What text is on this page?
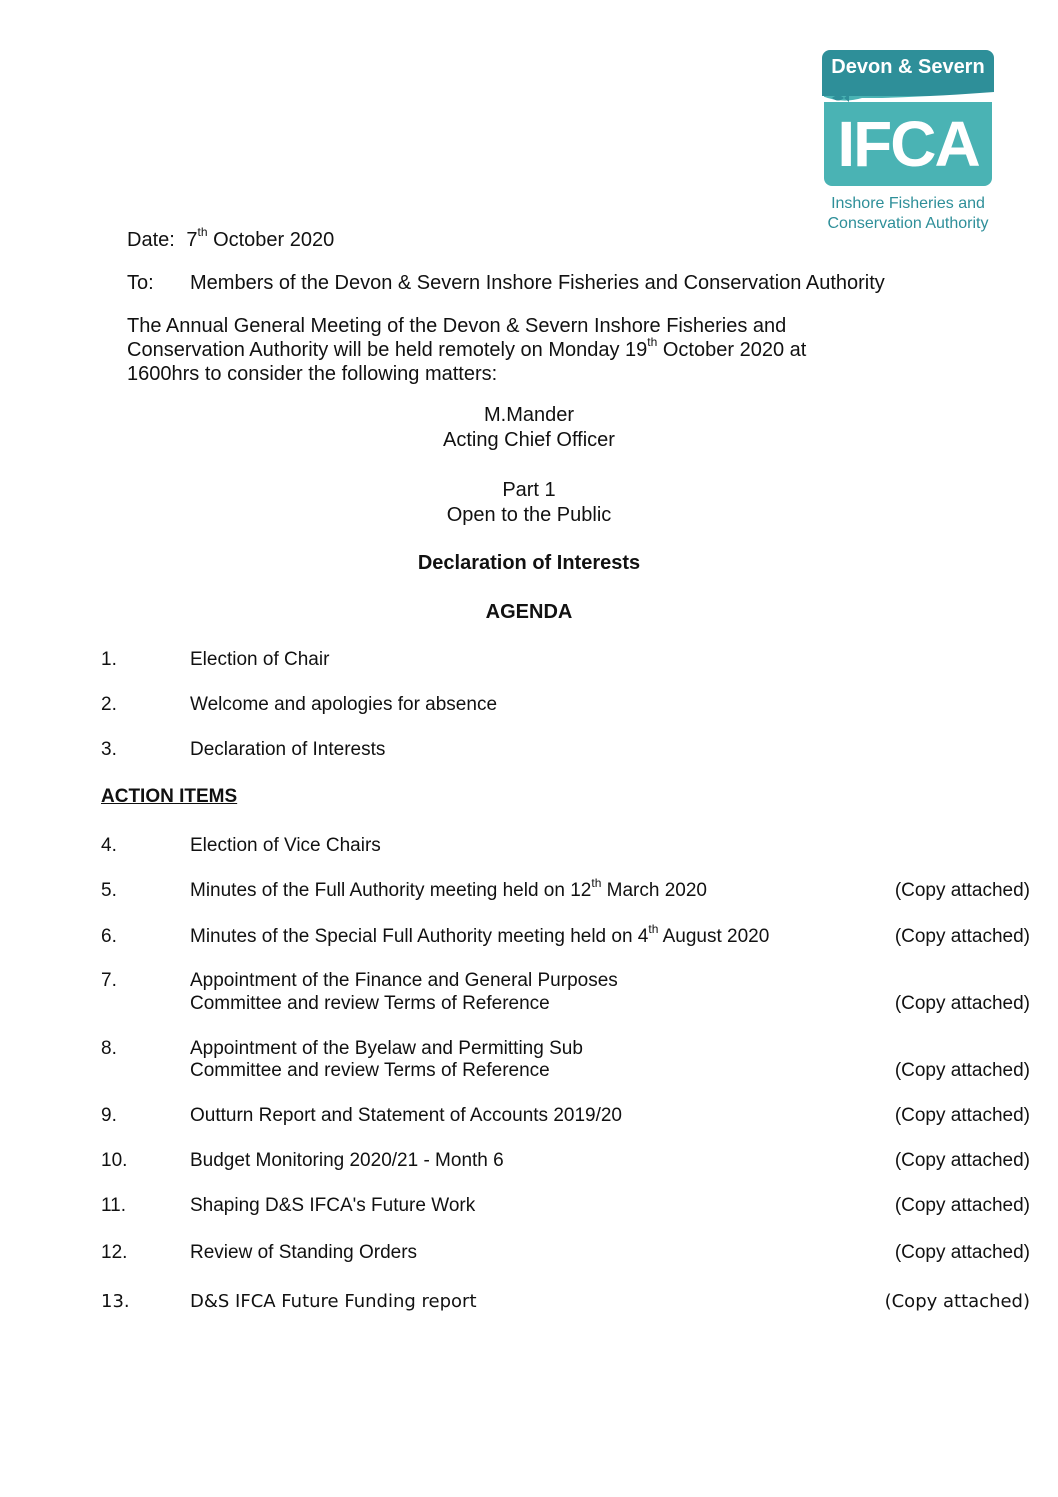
Devon & Severn
IFCA
Inshore Fisheries and
Conservation Authority
Date: 7th October 2020
To: Members of the Devon & Severn Inshore Fisheries and Conservation Authority
The Annual General Meeting of the Devon & Severn Inshore Fisheries and
Conservation Authority will be held remotely on Monday 19th October 2020 at
1600hrs to consider the following matters:
M.Mander
Acting Chief Officer
Part 1
Open to the Public
Declaration of Interests
AGENDA
1.	Election of Chair
2.	Welcome and apologies for absence
3.	Declaration of Interests
ACTION ITEMS
4.	Election of Vice Chairs
5.	Minutes of the Full Authority meeting held on 12th March 2020	(Copy attached)
6.	Minutes of the Special Full Authority meeting held on 4th August 2020	(Copy attached)
7.	Appointment of the Finance and General Purposes
Committee and review Terms of Reference	(Copy attached)
8.	Appointment of the Byelaw and Permitting Sub
Committee and review Terms of Reference	(Copy attached)
9.	Outturn Report and Statement of Accounts 2019/20	(Copy attached)
10.	Budget Monitoring 2020/21 - Month 6	(Copy attached)
11.	Shaping D&S IFCA's Future Work	(Copy attached)
12.	Review of Standing Orders	(Copy attached)
13.	D&S IFCA Future Funding report	(Copy attached)
